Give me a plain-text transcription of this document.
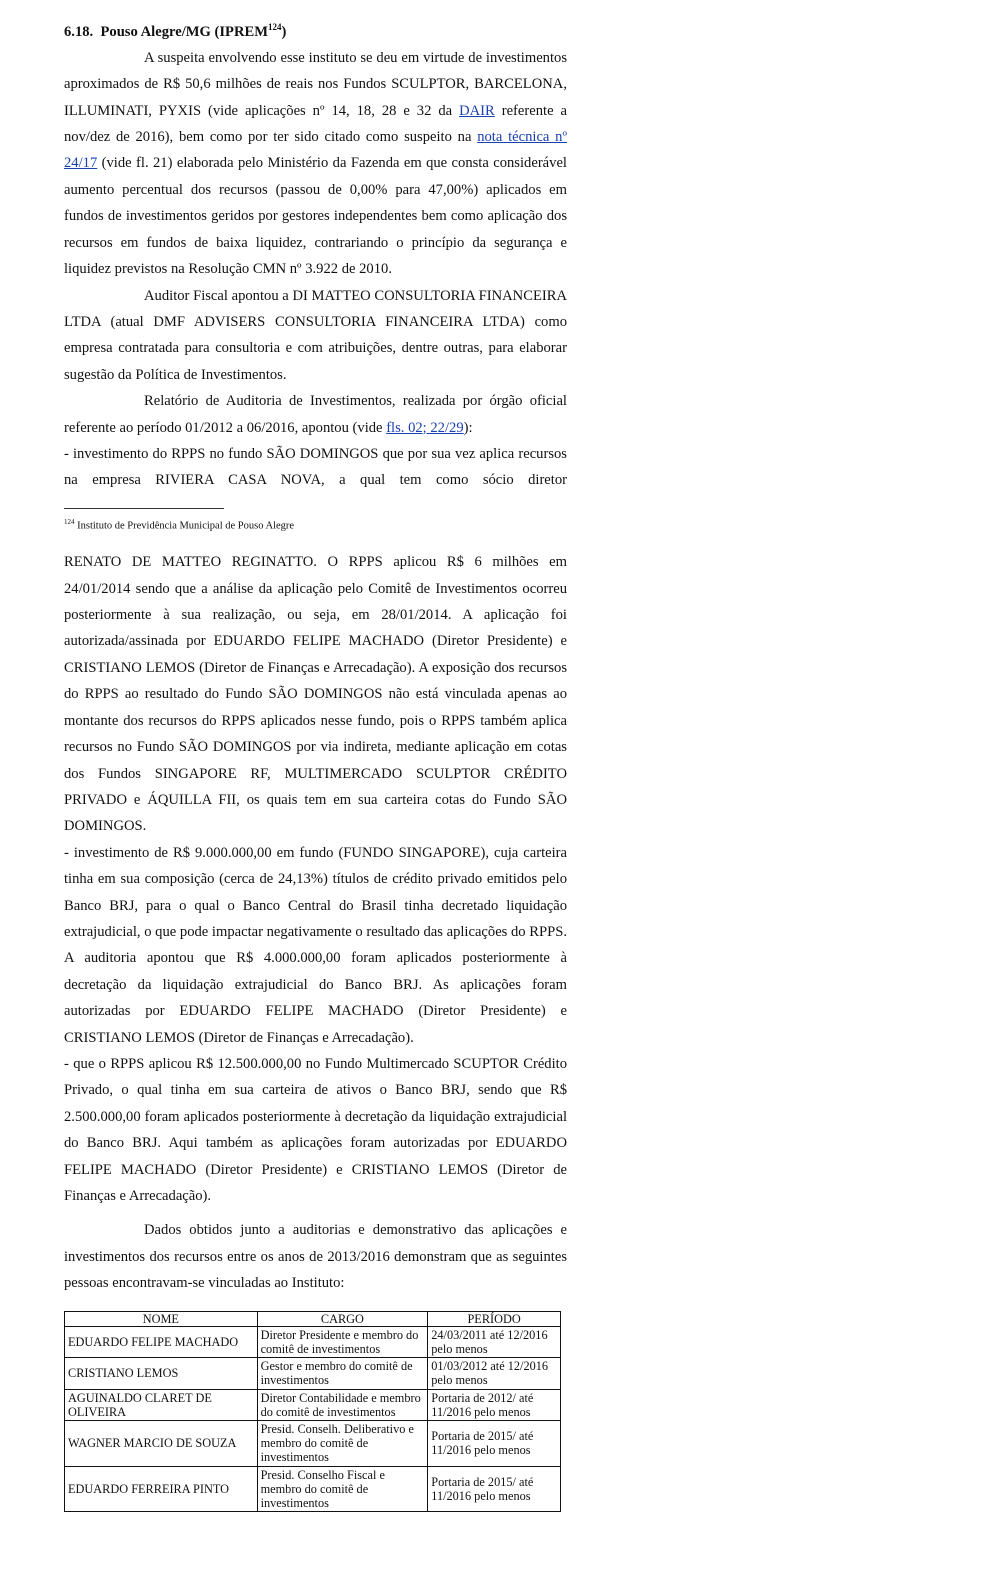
6.18. Pouso Alegre/MG (IPREM$^{124}$)

A suspeita envolvendo esse instituto se deu em virtude de investimentos aproximados de R$ 50,6 milhões de reais nos Fundos SCULPTOR, BARCELONA, ILLUMINATI, PYXIS (vide aplicações nº 14, 18, 28 e 32 da DAIR referente a nov/dez de 2016), bem como por ter sido citado como suspeito na nota técnica nº 24/17 (vide fl. 21) elaborada pelo Ministério da Fazenda em que consta considerável aumento percentual dos recursos (passou de 0,00% para 47,00%) aplicados em fundos de investimentos geridos por gestores independentes bem como aplicação dos recursos em fundos de baixa liquidez, contrariando o princípio da segurança e liquidez previstos na Resolução CMN nº 3.922 de 2010.

Auditor Fiscal apontou a DI MATTEO CONSULTORIA FINANCEIRA LTDA (atual DMF ADVISERS CONSULTORIA FINANCEIRA LTDA) como empresa contratada para consultoria e com atribuições, dentre outras, para elaborar sugestão da Política de Investimentos.

Relatório de Auditoria de Investimentos, realizada por órgão oficial referente ao período 01/2012 a 06/2016, apontou (vide fls. 02; 22/29):

- investimento do RPPS no fundo SÃO DOMINGOS que por sua vez aplica recursos na empresa RIVIERA CASA NOVA, a qual tem como sócio diretor

$^{124}$ Instituto de Previdência Municipal de Pouso Alegre

RENATO DE MATTEO REGINATTO. O RPPS aplicou R$ 6 milhões em 24/01/2014 sendo que a análise da aplicação pelo Comitê de Investimentos ocorreu posteriormente à sua realização, ou seja, em 28/01/2014. A aplicação foi autorizada/assinada por EDUARDO FELIPE MACHADO (Diretor Presidente) e CRISTIANO LEMOS (Diretor de Finanças e Arrecadação). A exposição dos recursos do RPPS ao resultado do Fundo SÃO DOMINGOS não está vinculada apenas ao montante dos recursos do RPPS aplicados nesse fundo, pois o RPPS também aplica recursos no Fundo SÃO DOMINGOS por via indireta, mediante aplicação em cotas dos Fundos SINGAPORE RF, MULTIMERCADO SCULPTOR CRÉDITO PRIVADO e ÁQUILLA FII, os quais tem em sua carteira cotas do Fundo SÃO DOMINGOS.

- investimento de R$ 9.000.000,00 em fundo (FUNDO SINGAPORE), cuja carteira tinha em sua composição (cerca de 24,13%) títulos de crédito privado emitidos pelo Banco BRJ, para o qual o Banco Central do Brasil tinha decretado liquidação extrajudicial, o que pode impactar negativamente o resultado das aplicações do RPPS. A auditoria apontou que R$ 4.000.000,00 foram aplicados posteriormente à decretação da liquidação extrajudicial do Banco BRJ. As aplicações foram autorizadas por EDUARDO FELIPE MACHADO (Diretor Presidente) e CRISTIANO LEMOS (Diretor de Finanças e Arrecadação).

- que o RPPS aplicou R$ 12.500.000,00 no Fundo Multimercado SCUPTOR Crédito Privado, o qual tinha em sua carteira de ativos o Banco BRJ, sendo que R$ 2.500.000,00 foram aplicados posteriormente à decretação da liquidação extrajudicial do Banco BRJ. Aqui também as aplicações foram autorizadas por EDUARDO FELIPE MACHADO (Diretor Presidente) e CRISTIANO LEMOS (Diretor de Finanças e Arrecadação).

Dados obtidos junto a auditorias e demonstrativo das aplicações e investimentos dos recursos entre os anos de 2013/2016 demonstram que as seguintes pessoas encontravam-se vinculadas ao Instituto:

NOME	CARGO	PERÍODO
EDUARDO FELIPE MACHADO	Diretor Presidente e membro do comitê de investimentos	24/03/2011 até 12/2016 pelo menos
CRISTIANO LEMOS	Gestor e membro do comitê de investimentos	01/03/2012 até 12/2016 pelo menos
AGUINALDO CLARET DE OLIVEIRA	Diretor Contabilidade e membro do comitê de investimentos	Portaria de 2012/ até 11/2016 pelo menos
WAGNER MARCIO DE SOUZA	Presid. Conselh. Deliberativo e membro do comitê de investimentos	Portaria de 2015/ até 11/2016 pelo menos
EDUARDO FERREIRA PINTO	Presid. Conselho Fiscal e membro do comitê de investimentos	Portaria de 2015/ até 11/2016 pelo menos
